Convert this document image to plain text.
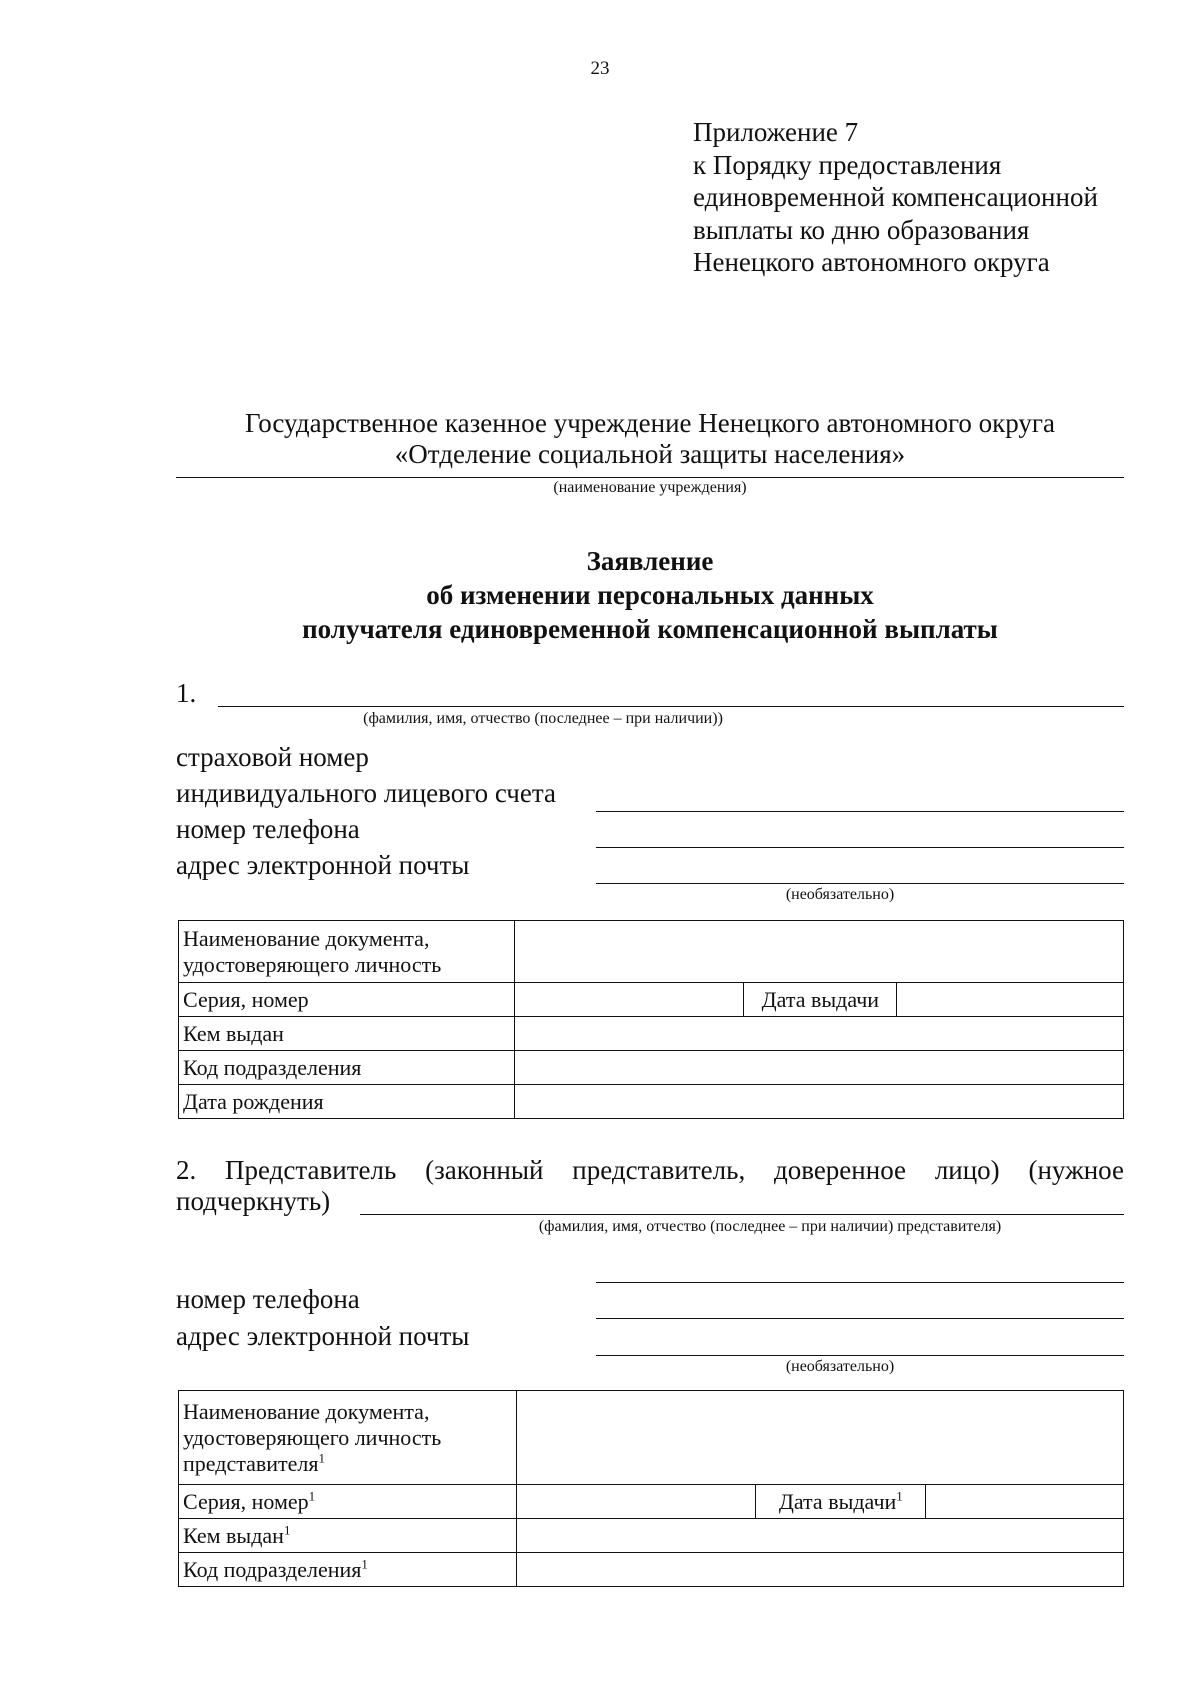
23
Приложение 7
к Порядку предоставления
единовременной компенсационной
выплаты ко дню образования
Ненецкого автономного округа
Государственное казенное учреждение Ненецкого автономного округа
«Отделение социальной защиты населения»
(наименование учреждения)
Заявление
об изменении персональных данных
получателя единовременной компенсационной выплаты
1.
(фамилия, имя, отчество (последнее – при наличии))
страховой номер
индивидуального лицевого счета
номер телефона
адрес электронной почты
(необязательно)
Наименование документа,
удостоверяющего личность			

Серия, номер		Дата выдачи	
Кем выдан			
Код подразделения			
Дата рождения			
2. Представитель (законный представитель, доверенное лицо) (нужное
подчеркнуть)
(фамилия, имя, отчество (последнее – при наличии) представителя)
номер телефона
адрес электронной почты
(необязательно)
Наименование документа,
удостоверяющего личность
представителя$^1$

Серия, номер$^1$		Дата выдачи$^1$	
Кем выдан$^1$	
Код подразделения$^1$	
